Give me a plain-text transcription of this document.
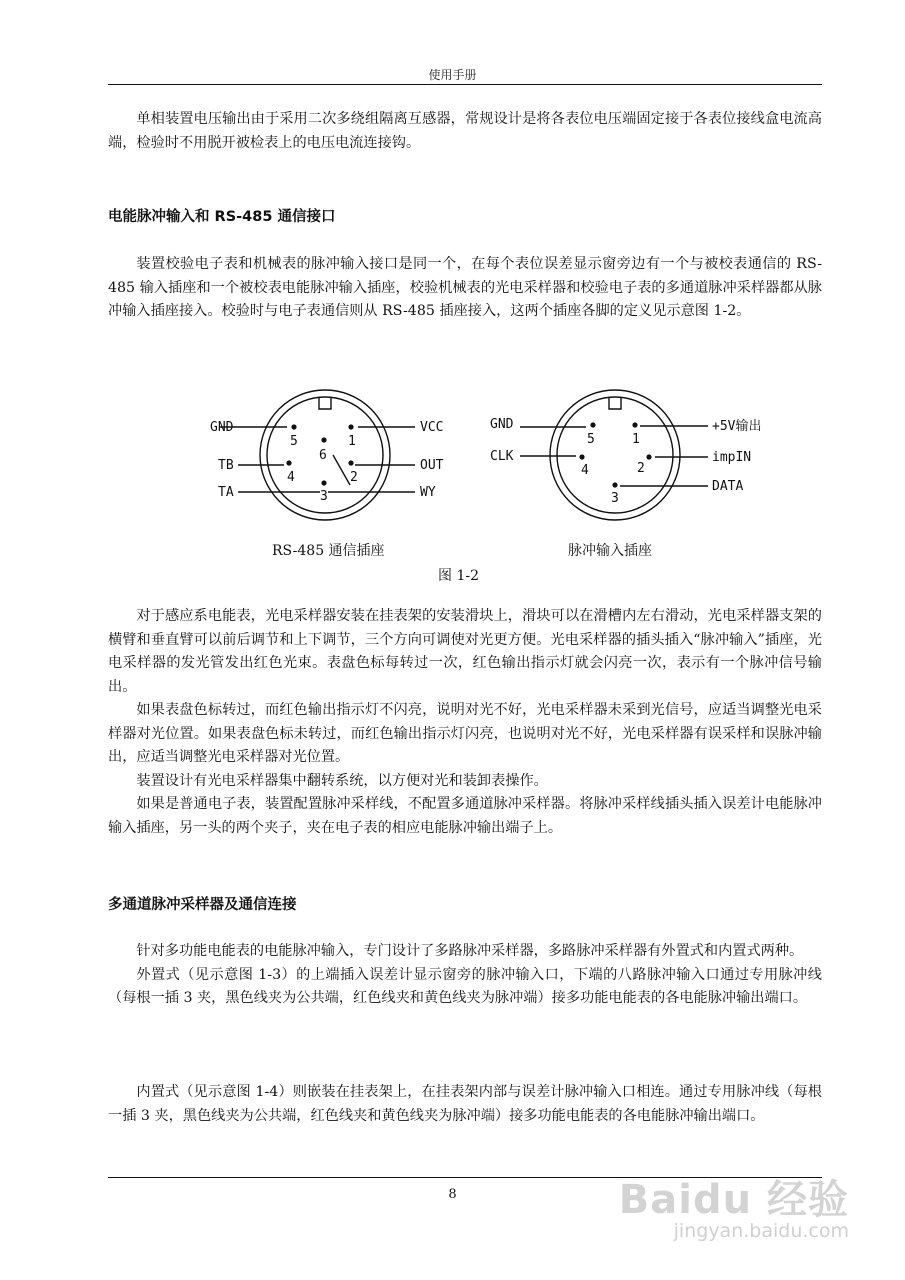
使用手册

单相装置电压输出由于采用二次多绕组隔离互感器，常规设计是将各表位电压端固定接于各表位接线盒电流高端，检验时不用脱开被检表上的电压电流连接钩。

电能脉冲输入和 RS-485 通信接口

装置校验电子表和机械表的脉冲输入接口是同一个，在每个表位误差显示窗旁边有一个与被校表通信的 RS-485 输入插座和一个被校表电能脉冲输入插座，校验机械表的光电采样器和校验电子表的多通道脉冲采样器都从脉冲输入插座接入。校验时与电子表通信则从 RS-485 插座接入，这两个插座各脚的定义见示意图 1-2。

5	1
6
4	2
3
GND
TB
TA
VCC
OUT
WY
5	1
4	2
3
GND
CLK
+5V输出
impIN
DATA
RS-485 通信插座	脉冲输入插座
图 1-2

对于感应系电能表，光电采样器安装在挂表架的安装滑块上，滑块可以在滑槽内左右滑动，光电采样器支架的横臂和垂直臂可以前后调节和上下调节，三个方向可调使对光更方便。光电采样器的插头插入“脉冲输入”插座，光电采样器的发光管发出红色光束。表盘色标每转过一次，红色输出指示灯就会闪亮一次，表示有一个脉冲信号输出。

如果表盘色标转过，而红色输出指示灯不闪亮，说明对光不好，光电采样器未采到光信号，应适当调整光电采样器对光位置。如果表盘色标未转过，而红色输出指示灯闪亮，也说明对光不好，光电采样器有误采样和误脉冲输出，应适当调整光电采样器对光位置。

装置设计有光电采样器集中翻转系统，以方便对光和装卸表操作。

如果是普通电子表，装置配置脉冲采样线，不配置多通道脉冲采样器。将脉冲采样线插头插入误差计电能脉冲输入插座，另一头的两个夹子，夹在电子表的相应电能脉冲输出端子上。

多通道脉冲采样器及通信连接

针对多功能电能表的电能脉冲输入，专门设计了多路脉冲采样器，多路脉冲采样器有外置式和内置式两种。

外置式（见示意图 1-3）的上端插入误差计显示窗旁的脉冲输入口，下端的八路脉冲输入口通过专用脉冲线（每根一插 3 夹，黑色线夹为公共端，红色线夹和黄色线夹为脉冲端）接多功能电能表的各电能脉冲输出端口。

内置式（见示意图 1-4）则嵌装在挂表架上，在挂表架内部与误差计脉冲输入口相连。通过专用脉冲线（每根一插 3 夹，黑色线夹为公共端，红色线夹和黄色线夹为脉冲端）接多功能电能表的各电能脉冲输出端口。

8	Baidu 经验
jingyan.baidu.com
